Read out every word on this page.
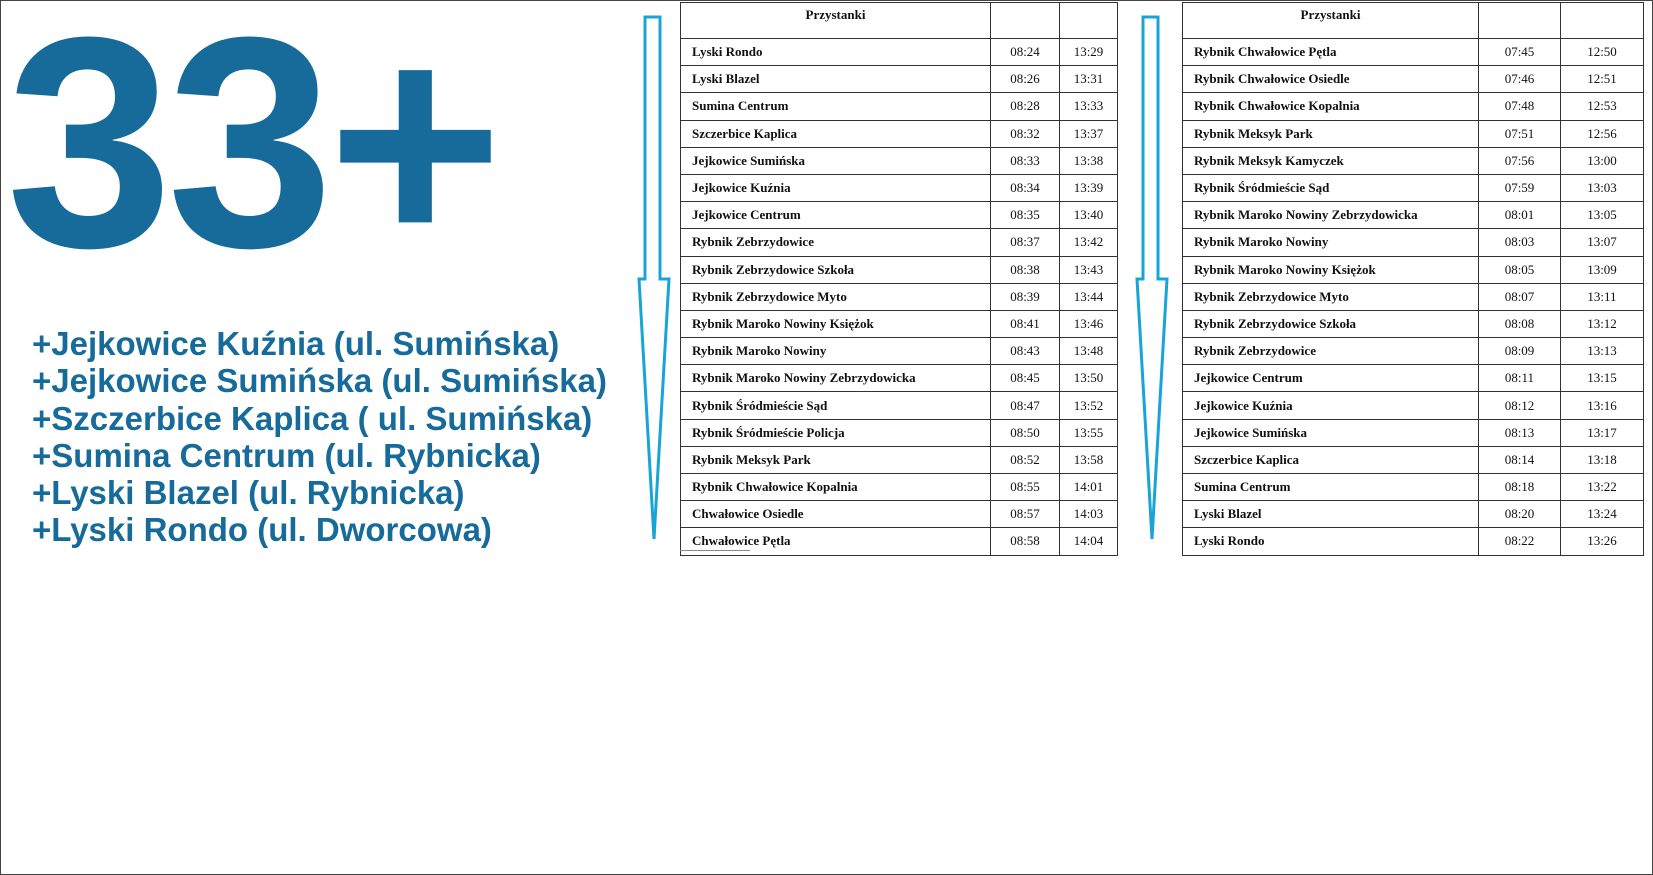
33+
+Jejkowice Kuźnia (ul. Sumińska)
+Jejkowice Sumińska (ul. Sumińska)
+Szczerbice Kaplica ( ul. Sumińska)
+Sumina Centrum (ul. Rybnicka)
+Lyski Blazel (ul. Rybnicka)
+Lyski Rondo (ul. Dworcowa)
Przystanki		
Lyski Rondo	08:24	13:29
Lyski Blazel	08:26	13:31
Sumina Centrum	08:28	13:33
Szczerbice Kaplica	08:32	13:37
Jejkowice Sumińska	08:33	13:38
Jejkowice Kuźnia	08:34	13:39
Jejkowice Centrum	08:35	13:40
Rybnik Zebrzydowice	08:37	13:42
Rybnik Zebrzydowice Szkoła	08:38	13:43
Rybnik Zebrzydowice Myto	08:39	13:44
Rybnik Maroko Nowiny Księżok	08:41	13:46
Rybnik Maroko Nowiny	08:43	13:48
Rybnik Maroko Nowiny Zebrzydowicka	08:45	13:50
Rybnik Śródmieście Sąd	08:47	13:52
Rybnik Śródmieście Policja	08:50	13:55
Rybnik Meksyk Park	08:52	13:58
Rybnik Chwałowice Kopalnia	08:55	14:01
Chwałowice Osiedle	08:57	14:03
Chwałowice Pętla	08:58	14:04
Przystanki		
Rybnik Chwałowice Pętla	07:45	12:50
Rybnik Chwałowice Osiedle	07:46	12:51
Rybnik Chwałowice Kopalnia	07:48	12:53
Rybnik Meksyk Park	07:51	12:56
Rybnik Meksyk Kamyczek	07:56	13:00
Rybnik Śródmieście Sąd	07:59	13:03
Rybnik Maroko Nowiny Zebrzydowicka	08:01	13:05
Rybnik Maroko Nowiny	08:03	13:07
Rybnik Maroko Nowiny Księżok	08:05	13:09
Rybnik Zebrzydowice Myto	08:07	13:11
Rybnik Zebrzydowice Szkoła	08:08	13:12
Rybnik Zebrzydowice	08:09	13:13
Jejkowice Centrum	08:11	13:15
Jejkowice Kuźnia	08:12	13:16
Jejkowice Sumińska	08:13	13:17
Szczerbice Kaplica	08:14	13:18
Sumina Centrum	08:18	13:22
Lyski Blazel	08:20	13:24
Lyski Rondo	08:22	13:26
